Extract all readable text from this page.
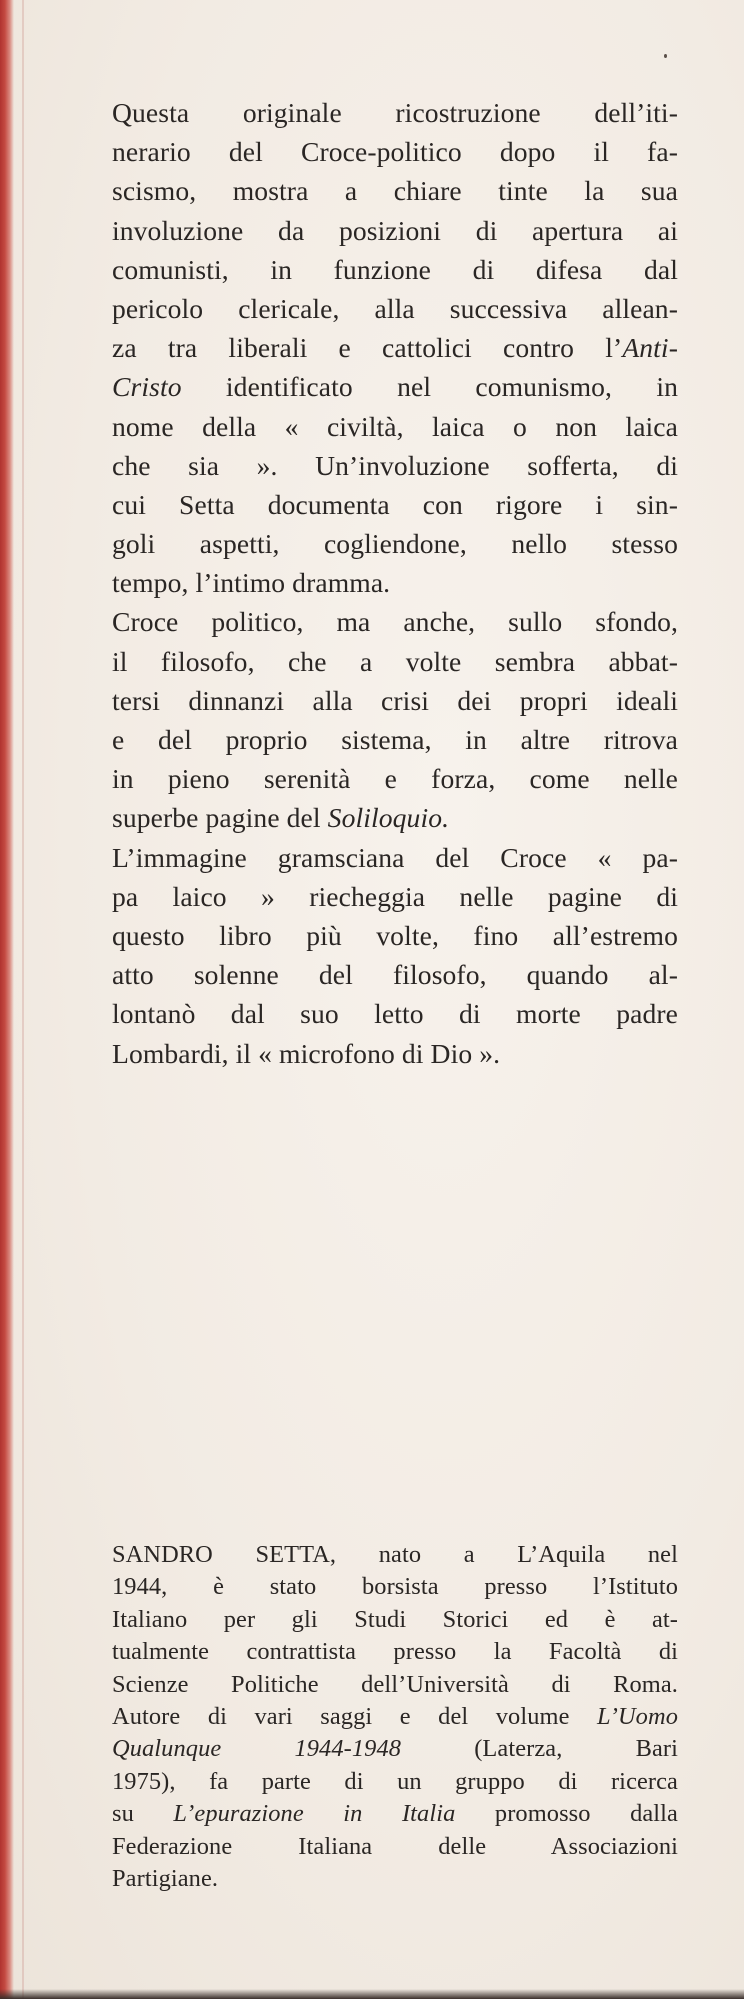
Questa originale ricostruzione dell’iti-
nerario del Croce-politico dopo il fa-
scismo, mostra a chiare tinte la sua
involuzione da posizioni di apertura ai
comunisti, in funzione di difesa dal
pericolo clericale, alla successiva allean-
za tra liberali e cattolici contro l’Anti-
Cristo identificato nel comunismo, in
nome della « civiltà, laica o non laica
che sia ». Un’involuzione sofferta, di
cui Setta documenta con rigore i sin-
goli aspetti, cogliendone, nello stesso
tempo, l’intimo dramma.
Croce politico, ma anche, sullo sfondo,
il filosofo, che a volte sembra abbat-
tersi dinnanzi alla crisi dei propri ideali
e del proprio sistema, in altre ritrova
in pieno serenità e forza, come nelle
superbe pagine del Soliloquio.
L’immagine gramsciana del Croce « pa-
pa laico » riecheggia nelle pagine di
questo libro più volte, fino all’estremo
atto solenne del filosofo, quando al-
lontanò dal suo letto di morte padre
Lombardi, il « microfono di Dio ».
SANDRO SETTA, nato a L’Aquila nel
1944, è stato borsista presso l’Istituto
Italiano per gli Studi Storici ed è at-
tualmente contrattista presso la Facoltà di
Scienze Politiche dell’Università di Roma.
Autore di vari saggi e del volume L’Uomo
Qualunque 1944-1948 (Laterza, Bari
1975), fa parte di un gruppo di ricerca
su L’epurazione in Italia promosso dalla
Federazione Italiana delle Associazioni
Partigiane.
